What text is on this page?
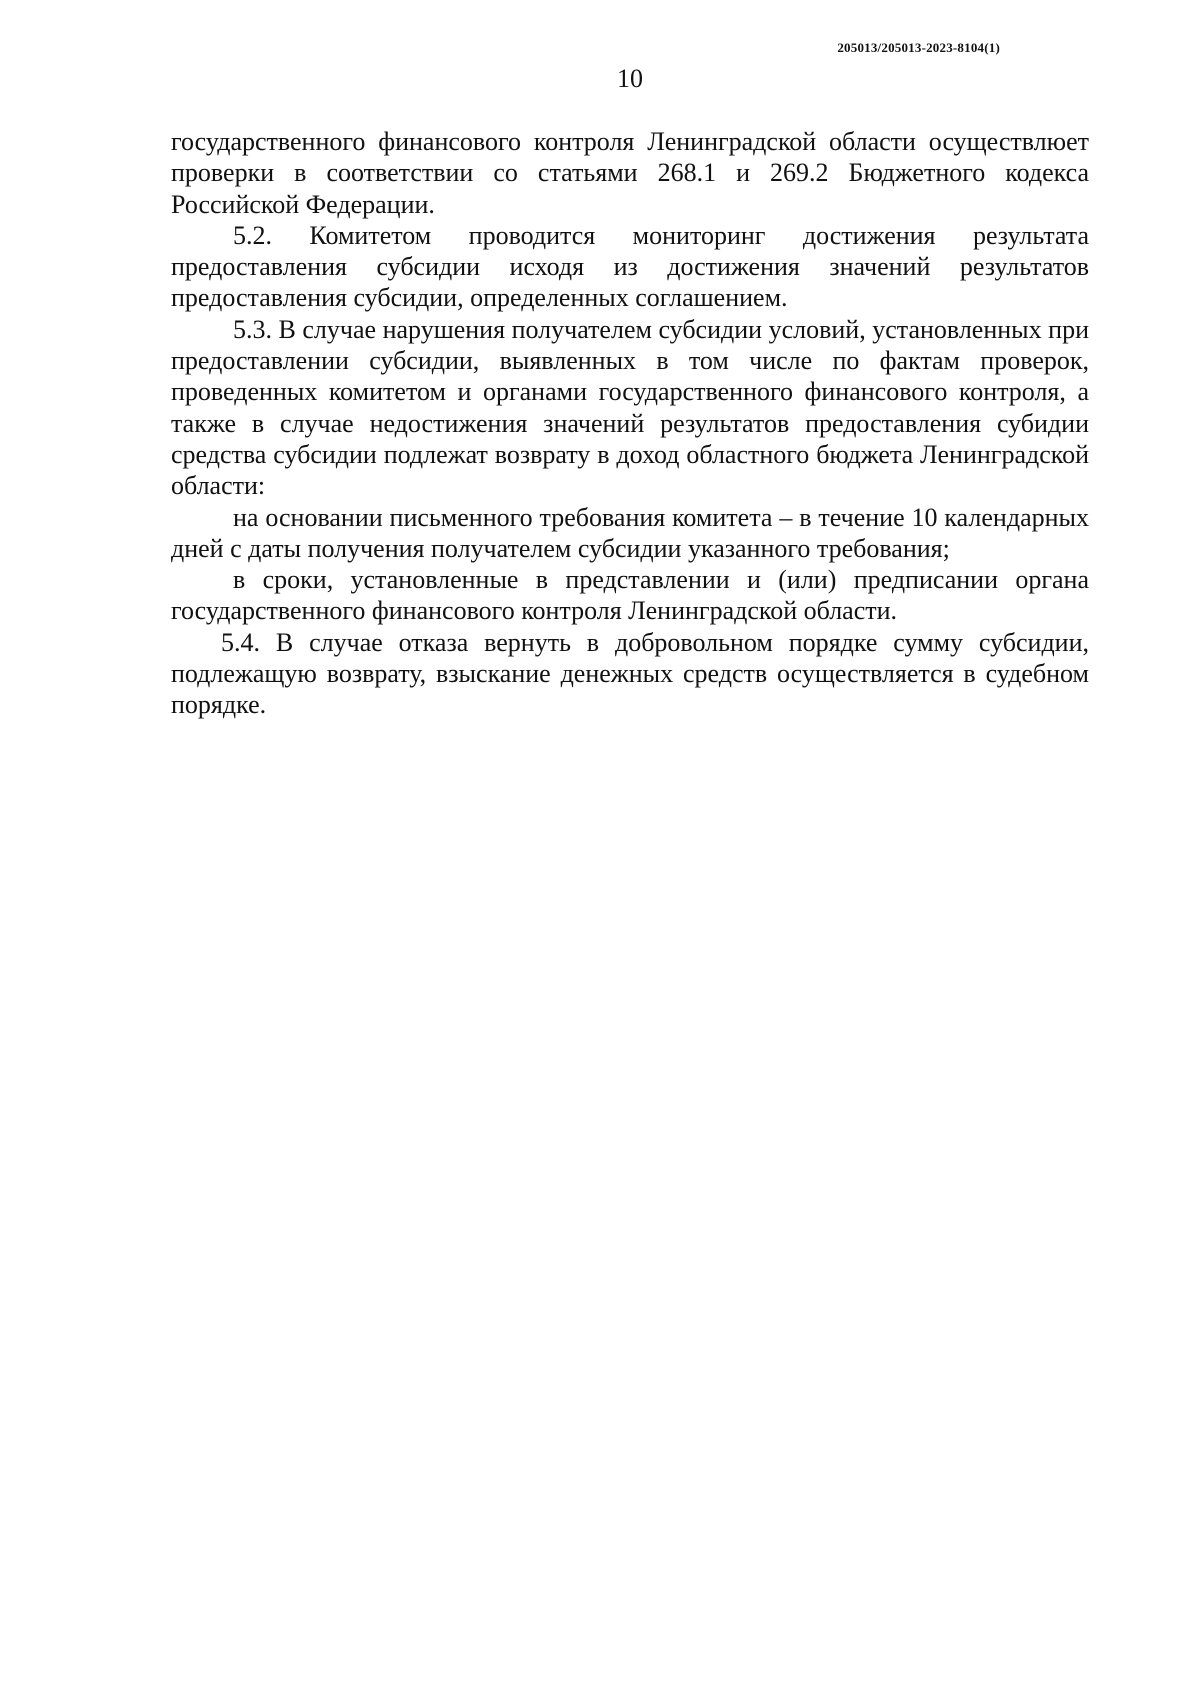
205013/205013-2023-8104(1)
10

государственного финансового контроля Ленинградской области осуществлюет проверки в соответствии со статьями 268.1 и 269.2 Бюджетного кодекса Российской Федерации.

5.2. Комитетом проводится мониторинг достижения результата предоставления субсидии исходя из достижения значений результатов предоставления субсидии, определенных соглашением.

5.3. В случае нарушения получателем субсидии условий, установленных при предоставлении субсидии, выявленных в том числе по фактам проверок, проведенных комитетом и органами государственного финансового контроля, а также в случае недостижения значений результатов предоставления субидии средства субсидии подлежат возврату в доход областного бюджета Ленинградской области:

на основании письменного требования комитета – в течение 10 календарных дней с даты получения получателем субсидии указанного требования;

в сроки, установленные в представлении и (или) предписании органа государственного финансового контроля Ленинградской области.

5.4. В случае отказа вернуть в добровольном порядке сумму субсидии, подлежащую возврату, взыскание денежных средств осуществляется в судебном порядке.
